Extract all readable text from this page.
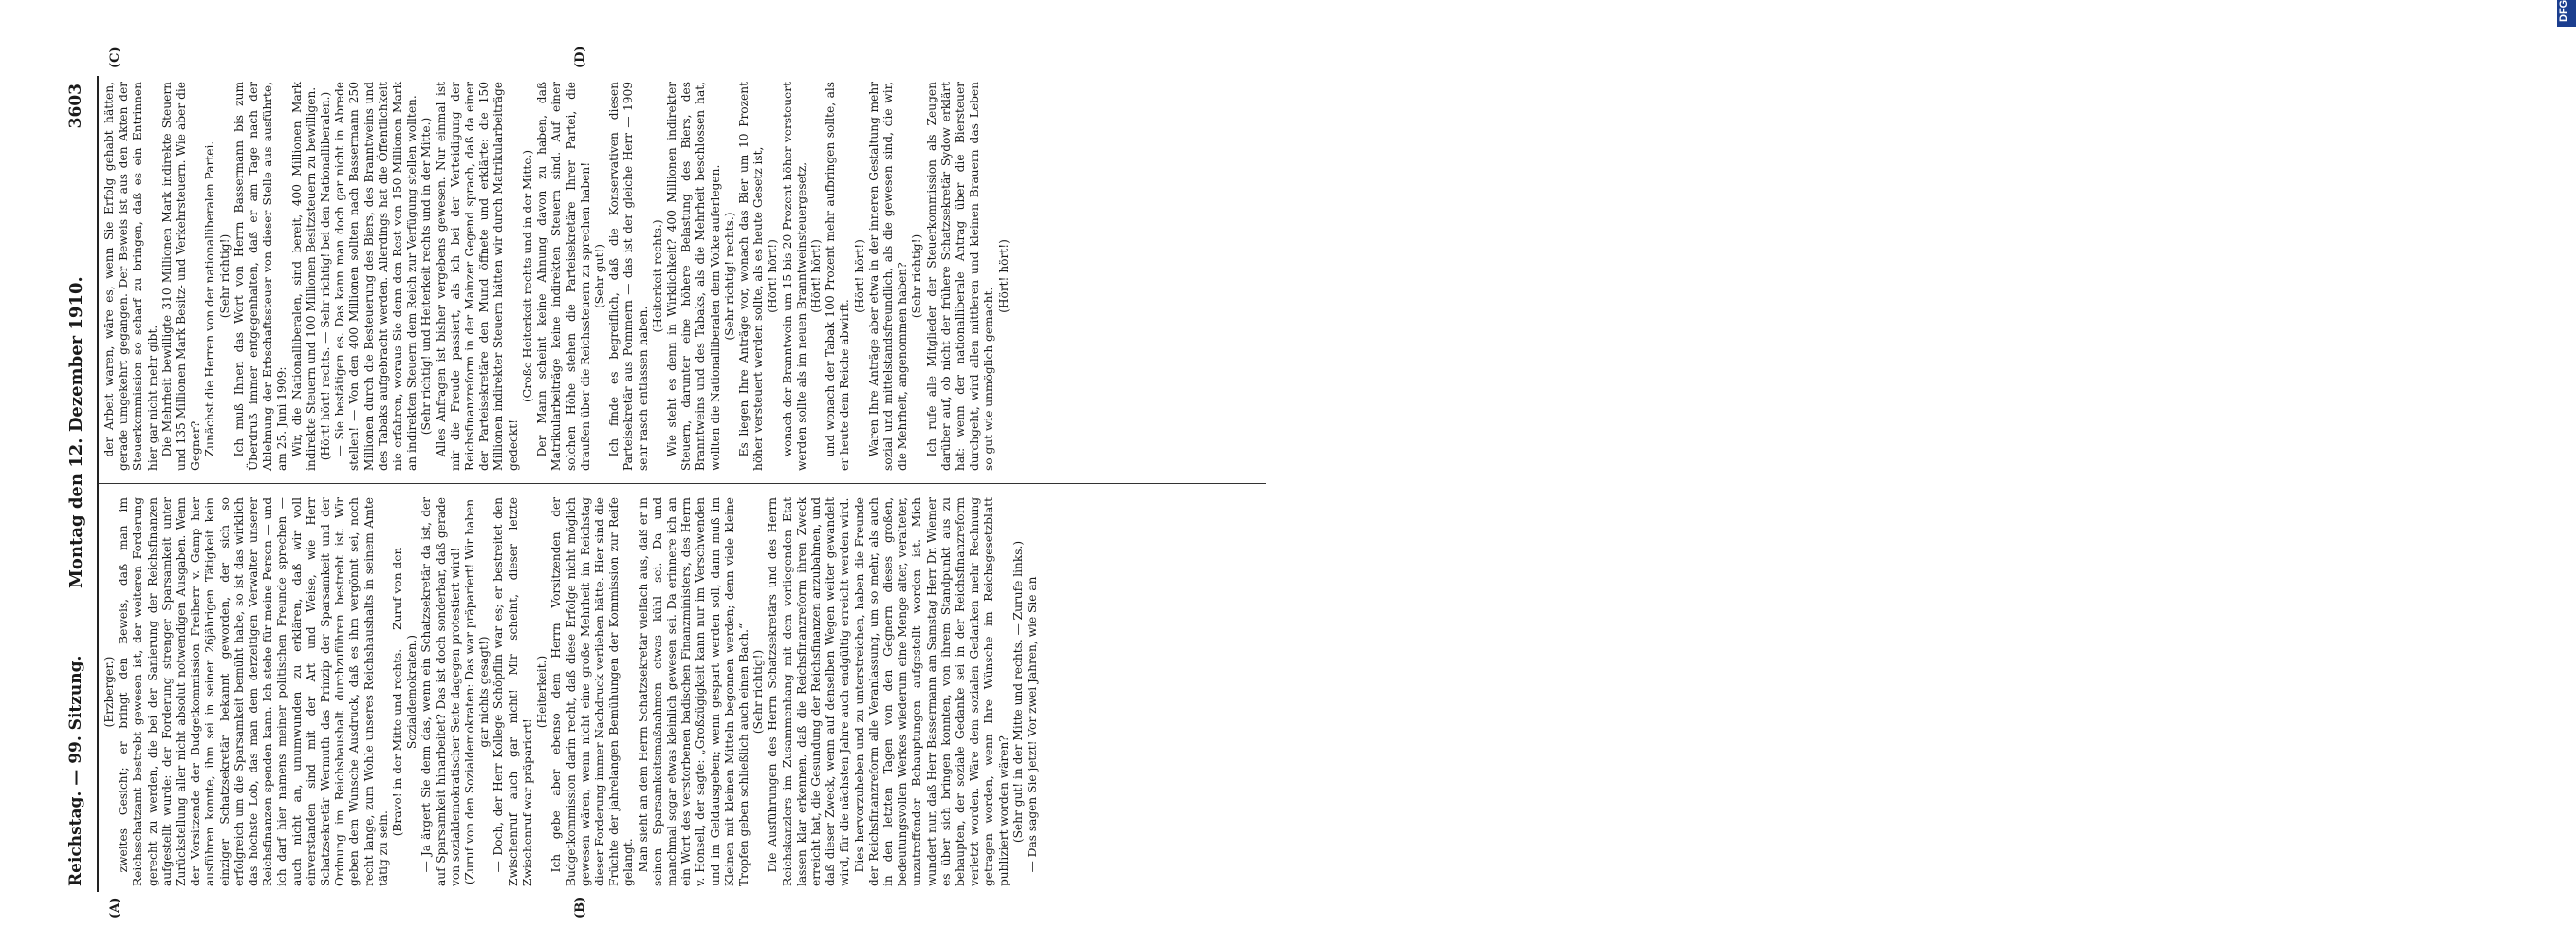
Reichstag. — 99. Sitzung.
Montag den 12. Dezember 1910.
3603
(A)	(B)
(C)	(D)

(Erzberger.) zweites Gesicht; er bringt den Beweis, daß man im Reichsschatzamt bestrebt gewesen ist, der weiteren Forderung gerecht zu werden, die bei der Sanierung der Reichsfinanzen aufgestellt wurde: der Forderung strenger Sparsamkeit unter Zurückstellung aller nicht absolut notwendigen Ausgaben. Wenn der Vorsitzende der Budgetkommission Freiherr v. Gamp hier ausführen konnte, ihm sei in seiner 26jährigen Tätigkeit kein einziger Schatzsekretär bekannt geworden, der sich so erfolgreich um die Sparsamkeit bemüht habe, so ist das wirklich das höchste Lob, das man dem derzeitigen Verwalter unserer Reichsfinanzen spenden kann. Ich stehe für meine Person — und ich darf hier namens meiner politischen Freunde sprechen — auch nicht an, unumwunden zu erklären, daß wir voll einverstanden sind mit der Art und Weise, wie Herr Schatzsekretär Wermuth das Prinzip der Sparsamkeit und der Ordnung im Reichshaushalt durchzuführen bestrebt ist. Wir geben dem Wunsche Ausdruck, daß es ihm vergönnt sei, noch recht lange, zum Wohle unseres Reichshaushalts in seinem Amte tätig zu sein.

(Bravo! in der Mitte und rechts. — Zuruf von den Sozialdemokraten.) — Ja ärgert Sie denn das, wenn ein Schatzsekretär da ist, der auf Sparsamkeit hinarbeitet? Das ist doch sonderbar, daß gerade von sozialdemokratischer Seite dagegen protestiert wird! (Zuruf von den Sozialdemokraten: Das war präpariert! Wir haben gar nichts gesagt!) — Doch, der Herr Kollege Schöpflin war es; er bestreitet den Zwischenruf auch gar nicht! Mir scheint, dieser letzte Zwischenruf war präpariert!

(Heiterkeit.) Ich gebe aber ebenso dem Herrn Vorsitzenden der Budgetkommission darin recht, daß diese Erfolge nicht möglich gewesen wären, wenn nicht eine große Mehrheit im Reichstag dieser Forderung immer Nachdruck verliehen hätte. Hier sind die Früchte der jahrelangen Bemühungen der Kommission zur Reife gelangt. Man sieht an dem Herrn Schatzsekretär vielfach aus, daß er in seinen Sparsamkeitsmaßnahmen etwas kühl sei. Da und manchmal sogar etwas kleinlich gewesen sei. Da erinnere ich an ein Wort des verstorbenen badischen Finanzministers, des Herrn v. Honsell, der sagte: „Großzügigkeit kann nur im Verschwenden und im Geldausgeben; wenn gespart werden soll, dann muß im Kleinen mit kleinen Mitteln begonnen werden; denn viele kleine Tropfen geben schließlich auch einen Bach.“ (Sehr richtig!) Die Ausführungen des Herrn Schatzsekretärs und des Herrn Reichskanzlers im Zusammenhang mit dem vorliegenden Etat lassen klar erkennen, daß die Reichsfinanzreform ihren Zweck erreicht hat, die Gesundung der Reichsfinanzen anzubahnen, und daß dieser Zweck, wenn auf denselben Wegen weiter gewandelt wird, für die nächsten Jahre auch endgültig erreicht werden wird. Dies hervorzuheben und zu unterstreichen, haben die Freunde der Reichsfinanzreform alle Veranlassung, um so mehr, als auch in den letzten Tagen von den Gegnern dieses großen, bedeutungsvollen Werkes wiederum eine Menge alter, veralteter, unzutreffender Behauptungen aufgestellt worden ist. Mich wundert nur, daß Herr Bassermann am Samstag Herr Dr. Wiemer es über sich bringen konnten, von ihrem Standpunkt aus zu behaupten, der soziale Gedanke sei in der Reichsfinanzreform verletzt worden. Wäre dem sozialen Gedanken mehr Rechnung getragen worden, wenn Ihre Wünsche im Reichsgesetzblatt publiziert worden wären? (Sehr gut! in der Mitte und rechts. — Zurufe links.) — Das sagen Sie jetzt! Vor zwei Jahren, wie Sie an

der Arbeit waren, wäre es, wenn Sie Erfolg gehabt hätten, gerade umgekehrt gegangen. Der Beweis ist aus den Akten der Steuerkommission so scharf zu bringen, daß es ein Entrinnen hier gar nicht mehr gibt. Die Mehrheit bewilligte 310 Millionen Mark indirekte Steuern und 135 Millionen Mark Besitz- und Verkehrsteuern. Wie aber die Gegner? Zunächst die Herren von der nationalliberalen Partei. (Sehr richtig!) Ich muß Ihnen das Wort von Herrn Bassermann bis zum Überdruß immer entgegenhalten, daß er am Tage nach der Ablehnung der Erbschaftssteuer von dieser Stelle aus ausführte, am 25. Juni 1909: Wir, die Nationalliberalen, sind bereit, 400 Millionen Mark indirekte Steuern und 100 Millionen Besitzsteuern zu bewilligen. (Hört! hört! rechts. — Sehr richtig! bei den Nationalliberalen.) — Sie bestätigen es. Das kann man doch gar nicht in Abrede stellen! — Von den 400 Millionen sollten nach Bassermann 250 Millionen durch die Besteuerung des Biers, des Branntweins und des Tabaks aufgebracht werden. Allerdings hat die Öffentlichkeit nie erfahren, woraus Sie denn den Rest von 150 Millionen Mark an indirekten Steuern dem Reich zur Verfügung stellen wollten. (Sehr richtig! und Heiterkeit rechts und in der Mitte.) Alles Anfragen ist bisher vergebens gewesen. Nur einmal ist mir die Freude passiert, als ich bei der Verteidigung der Reichsfinanzreform in der Mainzer Gegend sprach, daß da einer der Parteisekretäre den Mund öffnete und erklärte: die 150 Millionen indirekter Steuern hätten wir durch Matrikularbeiträge gedeckt!

(Große Heiterkeit rechts und in der Mitte.) Der Mann scheint keine Ahnung davon zu haben, daß Matrikularbeiträge keine indirekten Steuern sind. Auf einer solchen Höhe stehen die Parteisekretäre Ihrer Partei, die draußen über die Reichssteuern zu sprechen haben! (Sehr gut!) Ich finde es begreiflich, daß die Konservativen diesen Parteisekretär aus Pommern — das ist der gleiche Herr — 1909 sehr rasch entlassen haben.

(Heiterkeit rechts.) Wie steht es denn in Wirklichkeit? 400 Millionen indirekter Steuern, darunter eine höhere Belastung des Biers, des Branntweins und des Tabaks, als die Mehrheit beschlossen hat, wollten die Nationalliberalen dem Volke auferlegen. (Sehr richtig! rechts.) Es liegen Ihre Anträge vor, wonach das Bier um 10 Prozent höher versteuert werden sollte, als es heute Gesetz ist, (Hört! hört!) wonach der Branntwein um 15 bis 20 Prozent höher versteuert werden sollte als im neuen Branntweinsteuergesetz, (Hört! hört!) und wonach der Tabak 100 Prozent mehr aufbringen sollte, als er heute dem Reiche abwirft.

(Hört! hört!) Waren Ihre Anträge aber etwa in der inneren Gestaltung mehr sozial und mittelstandsfreundlich, als die gewesen sind, die wir, die Mehrheit, angenommen haben? (Sehr richtig!) Ich rufe alle Mitglieder der Steuerkommission als Zeugen darüber auf, ob nicht der frühere Schatzsekretär Sydow erklärt hat: wenn der nationalliberale Antrag über die Biersteuer durchgeht, wird allen mittleren und kleinen Brauern das Leben so gut wie unmöglich gemacht.

(Hört! hört!)

DFG
